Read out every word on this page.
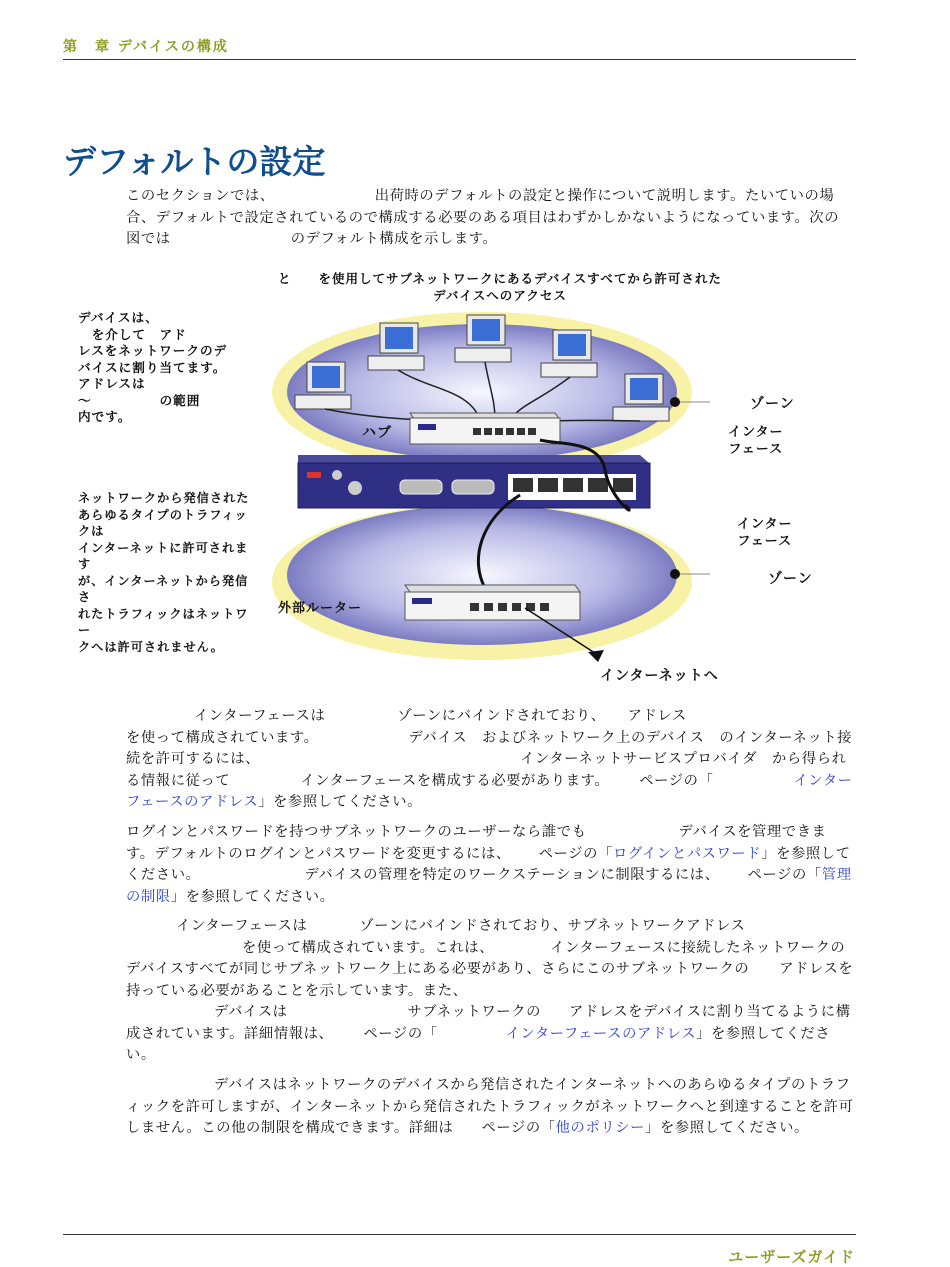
第　章 デバイスの構成
デフォルトの設定

このセクションでは、	出荷時のデフォルトの設定と操作について説明します。たいていの場合、デフォルトで設定されているので構成する必要のある項目はわずかしかないようになっています。次の図では	のデフォルト構成を示します。

と　　を使用してサブネットワークにあるデバイスすべてから許可された
デバイスへのアクセス

デバイスは、
　を介して　アド
レスをネットワークのデ
バイスに割り当てます。
アドレスは
～　　　　　の範囲
内です。

ネットワークから発信された
あらゆるタイプのトラフィックは
インターネットに許可されます
が、インターネットから発信さ
れたトラフィックはネットワー
クへは許可されません。

ハブ
ゾーン
インター
フェース
インター
フェース
ゾーン
外部ルーター
インターネットへ

インターフェースは	ゾーンにバインドされており、 アドレス
を使って構成されています。	デバイス　およびネットワーク上のデバイス　のインターネット接続を許可するには、	インターネットサービスプロバイダ　から得られる情報に従って	インターフェースを構成する必要があります。 ページの「	インターフェースのアドレス」を参照してください。

ログインとパスワードを持つサブネットワークのユーザーなら誰でも	デバイスを管理できます。デフォルトのログインとパスワードを変更するには、 ページの「ログインとパスワード」を参照してください。	デバイスの管理を特定のワークステーションに制限するには、 ページの「管理の制限」を参照してください。

インターフェースは	ゾーンにバインドされており、サブネットワークアドレス
を使って構成されています。これは、	インターフェースに接続したネットワークのデバイスすべてが同じサブネットワーク上にある必要があり、さらにこのサブネットワークの アドレスを持っている必要があることを示しています。また、
デバイスは	サブネットワークの アドレスをデバイスに割り当てるように構成されています。詳細情報は、 ページの「	インターフェースのアドレス」を参照してください。

デバイスはネットワークのデバイスから発信されたインターネットへのあらゆるタイプのトラフィックを許可しますが、インターネットから発信されたトラフィックがネットワークへと到達することを許可しません。この他の制限を構成できます。詳細は ページの「他のポリシー」を参照してください。

ユーザーズガイド
